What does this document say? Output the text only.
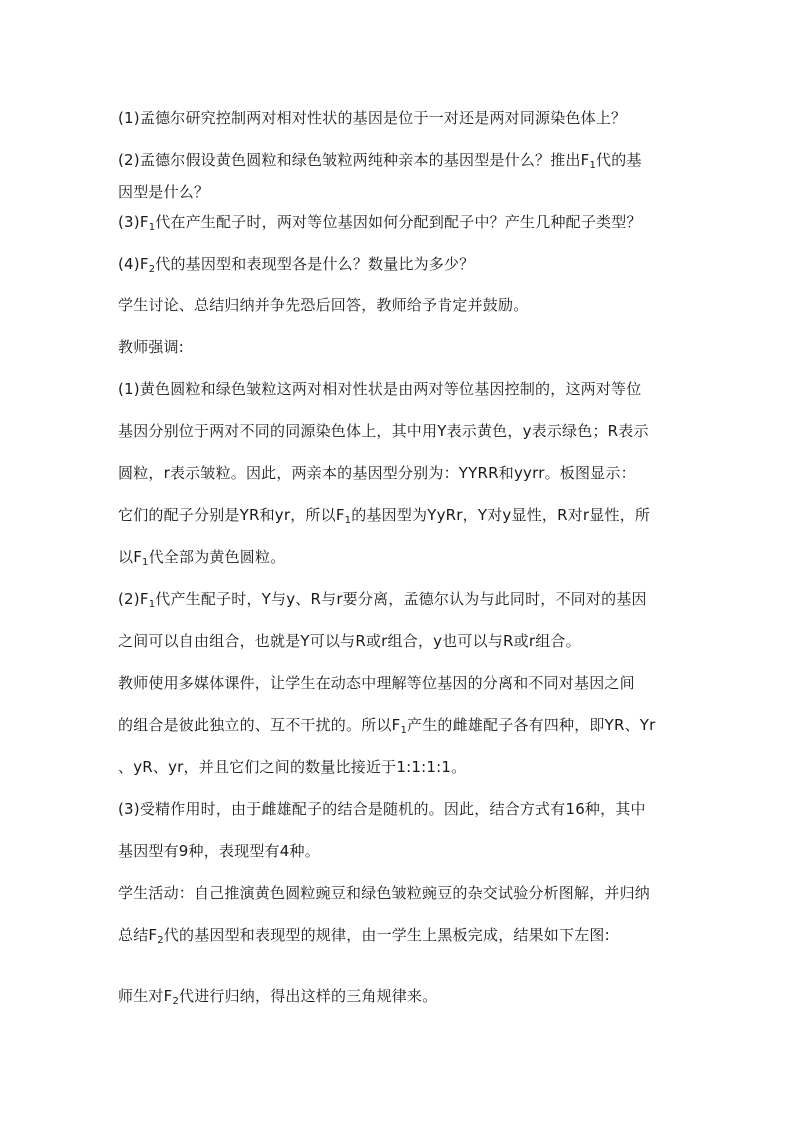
(1)孟德尔研究控制两对相对性状的基因是位于一对还是两对同源染色体上？

(2)孟德尔假设黄色圆粒和绿色皱粒两纯种亲本的基因型是什么？推出$F_1$代的基

因型是什么？

$(3)F_1$代在产生配子时，两对等位基因如何分配到配子中？产生几种配子类型？

$(4)F_2$代的基因型和表现型各是什么？数量比为多少？

学生讨论、总结归纳并争先恐后回答，教师给予肯定并鼓励。

教师强调:

(1)黄色圆粒和绿色皱粒这两对相对性状是由两对等位基因控制的，这两对等位

基因分别位于两对不同的同源染色体上，其中用Y表示黄色，y表示绿色；R表示

圆粒，r表示皱粒。因此，两亲本的基因型分别为：YYRR和yyrr。板图显示：

它们的配子分别是YR和yr，所以$F_1$的基因型为YyRr，Y对y显性，R对r显性，所

以$F_1$代全部为黄色圆粒。

$(2)F_1$代产生配子时，Y与y、R与r要分离，孟德尔认为与此同时，不同对的基因

之间可以自由组合，也就是Y可以与R或r组合，y也可以与R或r组合。

教师使用多媒体课件，让学生在动态中理解等位基因的分离和不同对基因之间

的组合是彼此独立的、互不干扰的。所以$F_1$产生的雌雄配子各有四种，即YR、Yr

、yR、yr，并且它们之间的数量比接近于1:1:1:1。

(3)受精作用时，由于雌雄配子的结合是随机的。因此，结合方式有16种，其中

基因型有9种，表现型有4种。

学生活动：自己推演黄色圆粒豌豆和绿色皱粒豌豆的杂交试验分析图解，并归纳

总结$F_2$代的基因型和表现型的规律，由一学生上黑板完成，结果如下左图:

师生对$F_2$代进行归纳，得出这样的三角规律来。
